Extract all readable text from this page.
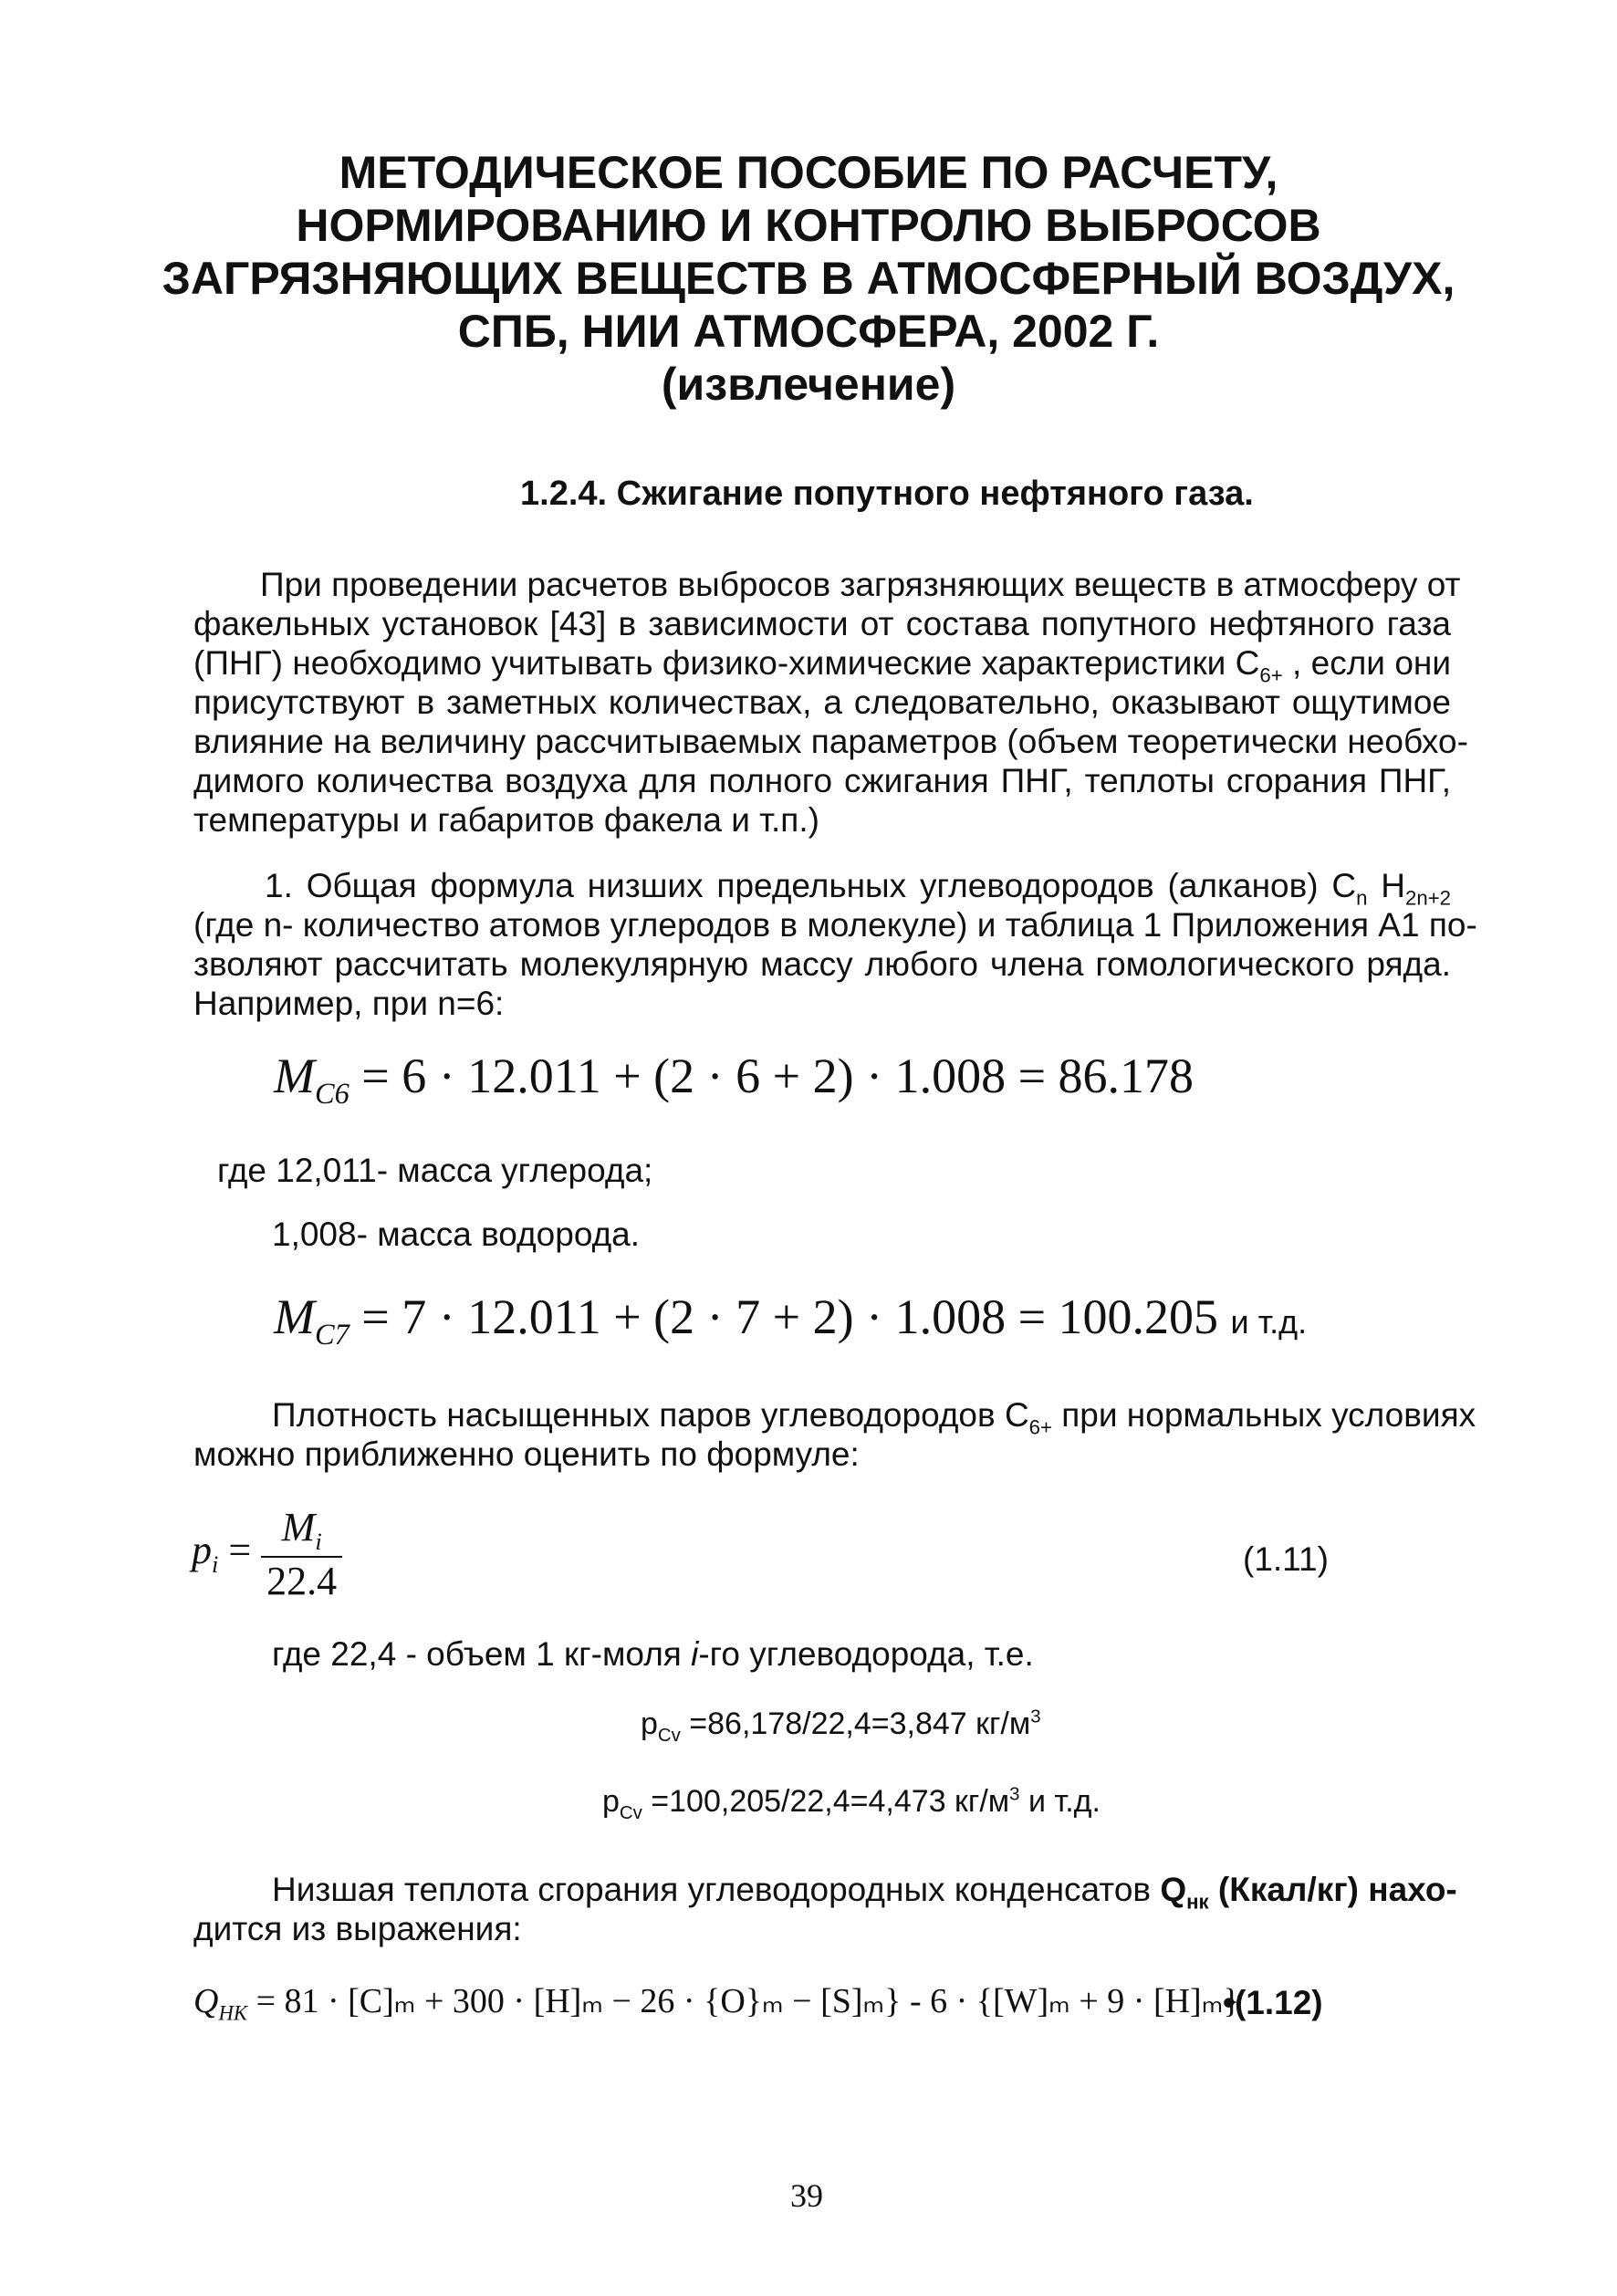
МЕТОДИЧЕСКОЕ ПОСОБИЕ ПО РАСЧЕТУ,
НОРМИРОВАНИЮ И КОНТРОЛЮ ВЫБРОСОВ
ЗАГРЯЗНЯЮЩИХ ВЕЩЕСТВ В АТМОСФЕРНЫЙ ВОЗДУХ,
СПБ, НИИ АТМОСФЕРА, 2002 Г.
(извлечение)
1.2.4. Сжигание попутного нефтяного газа.
При проведении расчетов выбросов загрязняющих веществ в атмосферу от
факельных установок [43] в зависимости от состава попутного нефтяного газа
(ПНГ) необходимо учитывать физико-химические характеристики $С_{6+}$ , если они
присутствуют в заметных количествах, а следовательно, оказывают ощутимое
влияние на величину рассчитываемых параметров (объем теоретически необхо-
димого количества воздуха для полного сжигания ПНГ, теплоты сгорания ПНГ,
температуры и габаритов факела и т.п.)
1. Общая формула низших предельных углеводородов (алканов) $С_n$ $Н_{2n+2}$
(где n- количество атомов углеродов в молекуле) и таблица 1 Приложения А1 по-
зволяют рассчитать молекулярную массу любого члена гомологического ряда.
Например, при n=6:
$M_{C6} = 6 \cdot 12.011 + (2 \cdot 6 + 2) \cdot 1.008 = 86.178$
где 12,011- масса углерода;
1,008- масса водорода.
$M_{C7} = 7 \cdot 12.011 + (2 \cdot 7 + 2) \cdot 1.008 = 100.205$ и т.д.
Плотность насыщенных паров углеводородов $С_{6+}$ при нормальных условиях
можно приближенно оценить по формуле:
$p_i = \frac{M_i}{22.4}$	(1.11)
где 22,4 - объем 1 кг-моля i-го углеводорода, т.е.
$p_{Cv} =86,178/22,4=3,847$ $кг/м^3$
$p_{Cv} =100,205/22,4=4,473$ $кг/м^3$ и т.д.
Низшая теплота сгорания углеводородных конденсатов $Q_{нк}$ (Ккал/кг) нахо-
дится из выражения:
$Q_{НК} = 81 \cdot [C]_m + 300 \cdot [H]_m - 26 \cdot \{O\}_m - [S]_m\} - 6 \cdot \{[W]_m + 9 \cdot [H]_m\}$
•(1.12)
39
